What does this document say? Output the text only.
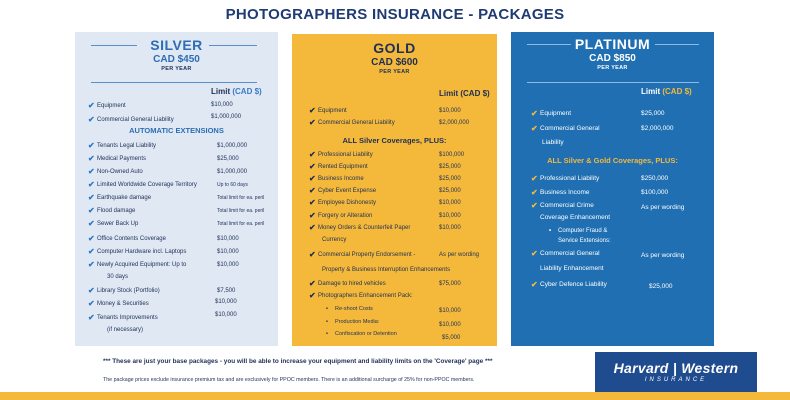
PHOTOGRAPHERS INSURANCE - PACKAGES
SILVER
CAD $450
PER YEAR
Limit (CAD $)
✔ Equipment	$10,000
✔ Commercial General Liability	$1,000,000
AUTOMATIC EXTENSIONS
✔ Tenants Legal Liability	$1,000,000
✔ Medical Payments	$25,000
✔ Non-Owned Auto	$1,000,000
✔ Limited Worldwide Coverage Territory	Up to 60 days
✔ Earthquake damage	Total limit for ea. peril
✔ Flood damage	Total limit for ea. peril
✔ Sewer Back Up	Total limit for ea. peril
✔ Office Contents Coverage	$10,000
✔ Computer Hardware incl. Laptops	$10,000
✔ Newly Acquired Equipment: Up to	$10,000
30 days
✔ Library Stock (Portfolio)	$7,500
✔ Money & Securities	$10,000
✔ Tenants Improvements	$10,000
(if necessary)
GOLD
CAD $600
PER YEAR
Limit (CAD $)
✔ Equipment	$10,000
✔ Commercial General Liability	$2,000,000
ALL Silver Coverages, PLUS:
✔ Professional Liability	$100,000
✔ Rented Equipment	$25,000
✔ Business Income	$25,000
✔ Cyber Event Expense	$25,000
✔ Employee Dishonesty	$10,000
✔ Forgery or Alteration	$10,000
✔ Money Orders & Counterfeit Paper	$10,000
Currency
✔ Commercial Property Endorsement -	As per wording
Property & Business Interruption Enhancements
✔ Damage to hired vehicles	$75,000
✔ Photographers Enhancement Pack:
•	Re-shoot Costs	$10,000
•	Production Media:	$10,000
•	Confiscation or Detention
$5,000
PLATINUM
CAD $850
PER YEAR
Limit (CAD $)
✔ Equipment	$25,000
✔ Commercial General	$2,000,000
Liability
ALL Silver & Gold Coverages, PLUS:
✔ Professional Liability	$250,000
✔ Business Income	$100,000
✔ Commercial Crime	As per wording
Coverage Enhancement
•	Computer Fraud &
Service Extensions:
✔ Commercial General	As per wording
Liability Enhancement
✔ Cyber Defence Liability	$25,000
*** These are just your base packages - you will be able to increase your equipment and liability limits on the 'Coverage' page ***
The package prices exclude insurance premium tax and are exclusively for PPOC members. There is an additional surcharge of 25% for non-PPOC members.
Harvard | Western
INSURANCE
